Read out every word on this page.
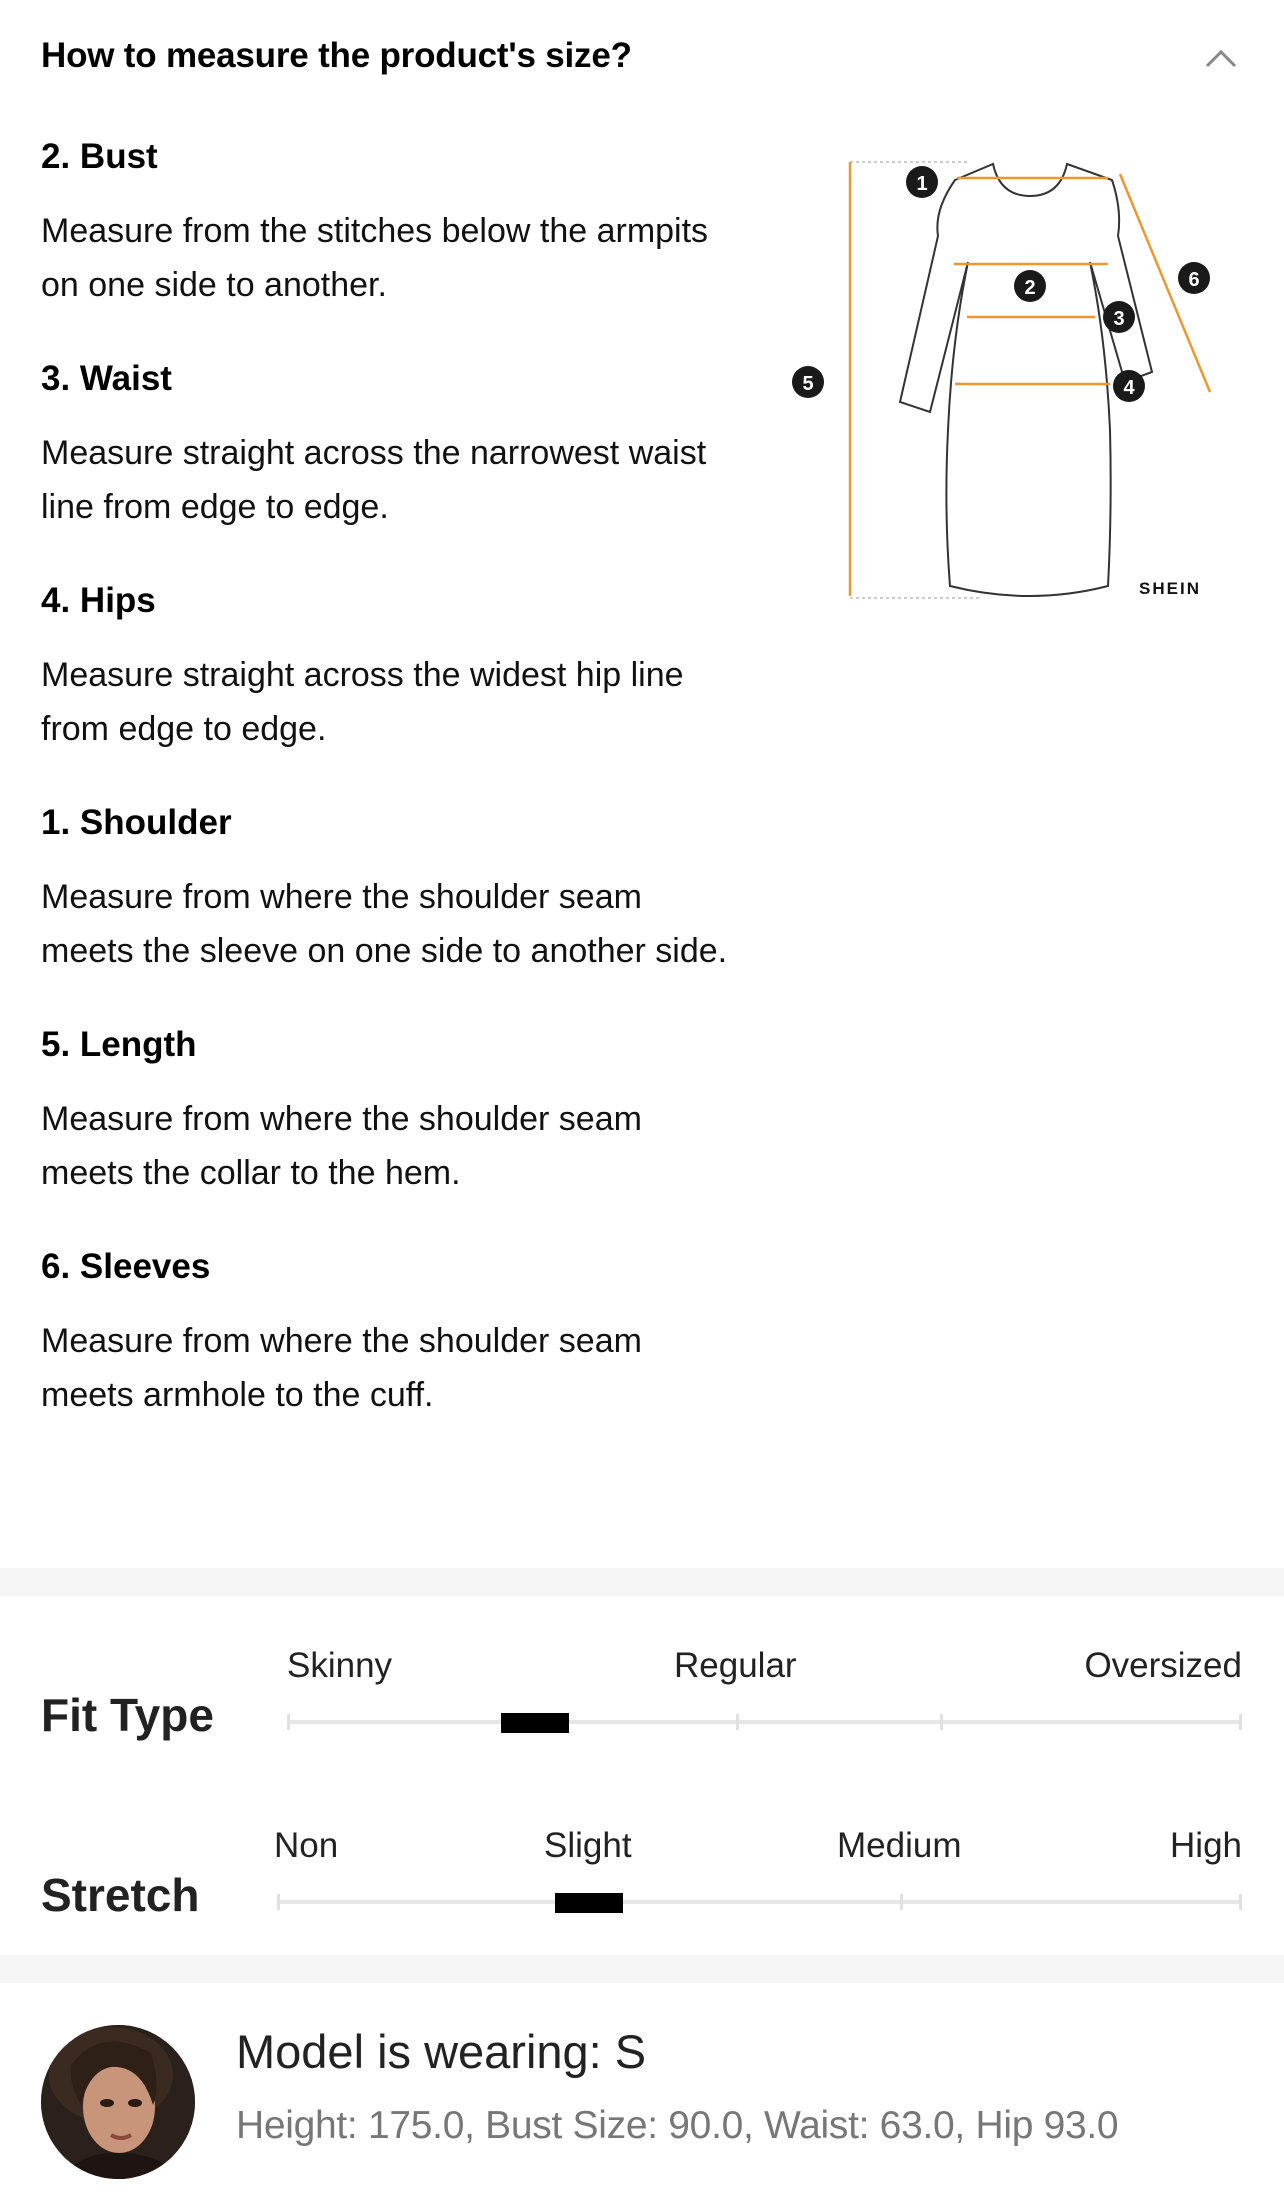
How to measure the product's size?
2. Bust
Measure from the stitches below the armpits on one side to another.
3. Waist
Measure straight across the narrowest waist line from edge to edge.
4. Hips
Measure straight across the widest hip line from edge to edge.
1. Shoulder
Measure from where the shoulder seam meets the sleeve on one side to another side.
5. Length
Measure from where the shoulder seam meets the collar to the hem.
6. Sleeves
Measure from where the shoulder seam meets armhole to the cuff.
1
2
3
4
5
6
SHEIN
Fit Type
Skinny	Regular	Oversized
Stretch
Non	Slight	Medium	High
Model is wearing: S
Height: 175.0, Bust Size: 90.0, Waist: 63.0, Hip 93.0
